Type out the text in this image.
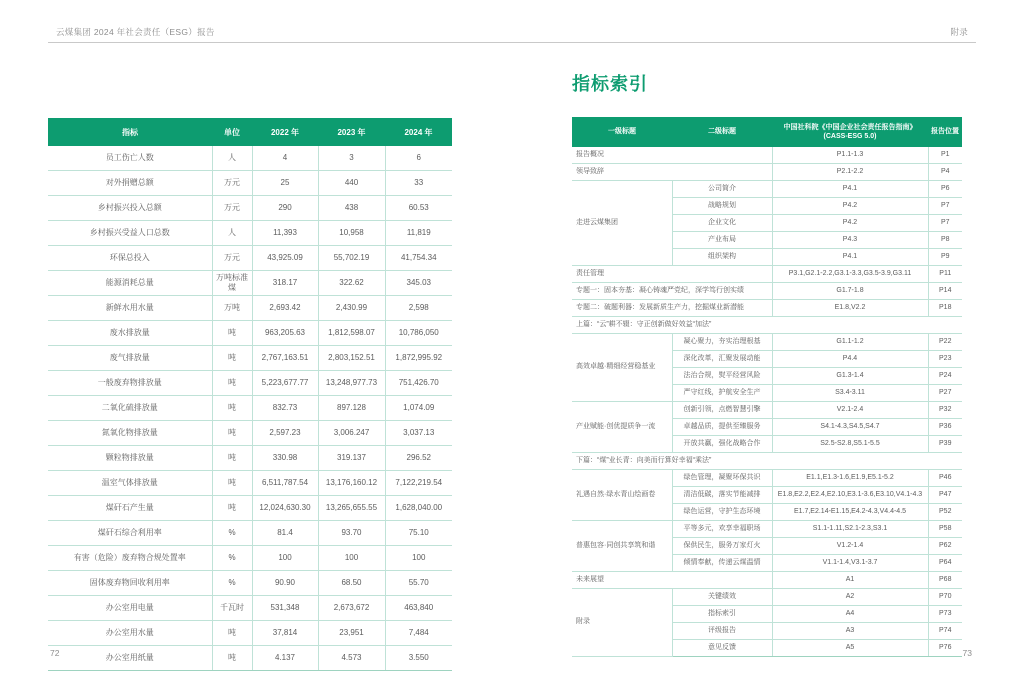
云煤集团 2024 年社会责任（ESG）报告	附录
指标	单位	2022 年	2023 年	2024 年
员工伤亡人数	人	4	3	6
对外捐赠总额	万元	25	440	33
乡村振兴投入总额	万元	290	438	60.53
乡村振兴受益人口总数	人	11,393	10,958	11,819
环保总投入	万元	43,925.09	55,702.19	41,754.34
能源消耗总量	万吨标准煤	318.17	322.62	345.03
新鲜水用水量	万吨	2,693.42	2,430.99	2,598
废水排放量	吨	963,205.63	1,812,598.07	10,786,050
废气排放量	吨	2,767,163.51	2,803,152.51	1,872,995.92
一般废弃物排放量	吨	5,223,677.77	13,248,977.73	751,426.70
二氧化硫排放量	吨	832.73	897.128	1,074.09
氮氧化物排放量	吨	2,597.23	3,006.247	3,037.13
颗粒物排放量	吨	330.98	319.137	296.52
温室气体排放量	吨	6,511,787.54	13,176,160.12	7,122,219.54
煤矸石产生量	吨	12,024,630.30	13,265,655.55	1,628,040.00
煤矸石综合利用率	%	81.4	93.70	75.10
有害（危险）废弃物合规处置率	%	100	100	100
固体废弃物回收利用率	%	90.90	68.50	55.70
办公室用电量	千瓦时	531,348	2,673,672	463,840
办公室用水量	吨	37,814	23,951	7,484
办公室用纸量	吨	4.137	4.573	3.550
指标索引
一级标题	二级标题	中国社科院《中国企业社会责任报告指南》
(CASS-ESG 5.0)	报告位置
报告概况		P1.1-1.3	P1
领导致辞		P2.1-2.2	P4
走进云煤集团	公司简介	P4.1	P6
	战略规划	P4.2	P7
	企业文化	P4.2	P7
	产业布局	P4.3	P8
	组织架构	P4.1	P9
责任管理		P3.1,G2.1-2.2,G3.1-3.3,G3.5-3.9,G3.11	P11
专题一：固本夯基：凝心铸魂严党纪，深学笃行创实绩		G1.7-1.8	P14
专题二：破题利器：发展新质生产力，挖掘煤业新潜能		E1.8,V2.2	P18
上篇：“云”耕不辍：守正创新做好效益“加法”			
高效卓越·精细经营稳基业	凝心聚力，夯实治理根基	G1.1-1.2	P22
	深化改革，汇聚发展动能	P4.4	P23
	法治合规，熨平经营风险	G1.3-1.4	P24
	严守红线，护航安全生产	S3.4-3.11	P27
产业赋能·创优提质争一流	创新引领，点燃智慧引擎	V2.1-2.4	P32
	卓越品质，提供至臻服务	S4.1-4.3,S4.5,S4.7	P36
	开放共赢，强化战略合作	S2.5-S2.8,S5.1-5.5	P39
下篇：“煤”业长青：向美而行算好幸福“乘法”			
礼遇自然·绿水青山绘画卷	绿色管理，凝聚环保共识	E1.1,E1.3-1.6,E1.9,E5.1-5.2	P46
	清洁低碳，落实节能减排	E1.8,E2.2,E2.4,E2.10,E3.1-3.6,E3.10,V4.1-4.3	P47
	绿色运营，守护生态环境	E1.7,E2.14-E1.15,E4.2-4.3,V4.4-4.5	P52
普惠包容·同创共享筑和谐	平等多元，欢享幸福职场	S1.1-1.11,S2.1-2.3,S3.1	P58
	保供民生，服务万家灯火	V1.2-1.4	P62
	倾情奉献，传递云煤温情	V1.1-1.4,V3.1-3.7	P64
未来展望		A1	P68
附录	关键绩效	A2	P70
	指标索引	A4	P73
	评级报告	A3	P74
	意见反馈	A5	P76
72	73
